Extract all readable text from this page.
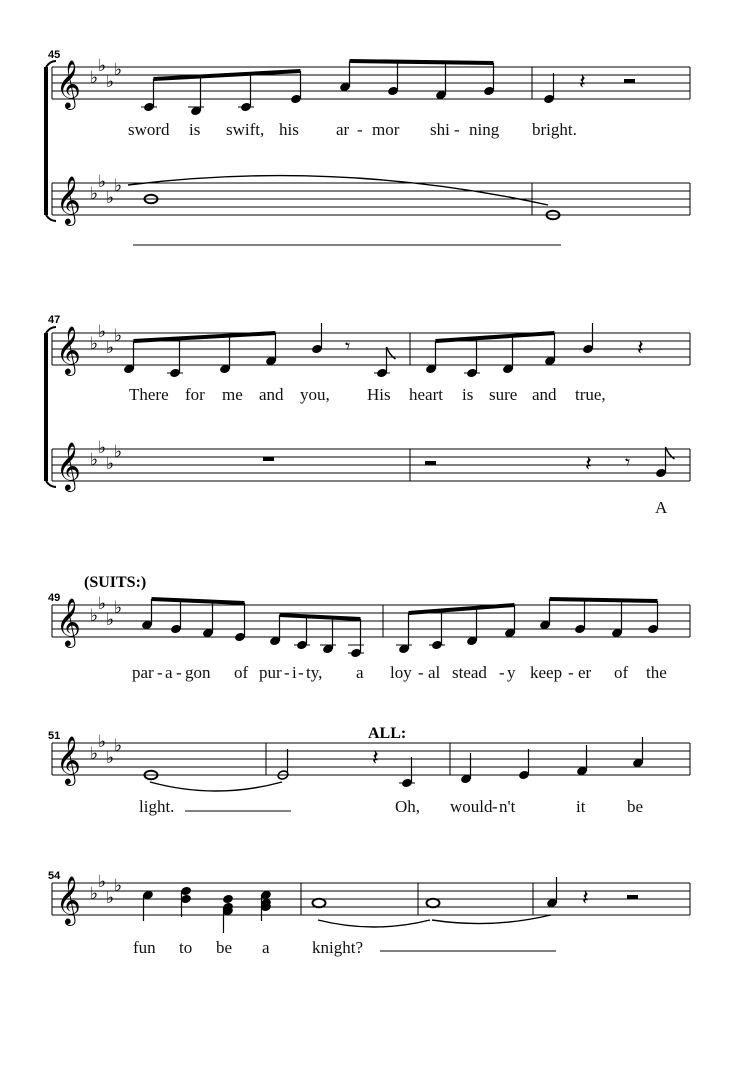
45
47
49
51
54
(SUITS:)
ALL:
sword is swift, his ar - mor shi - ning bright.
There for me and you, His heart is sure and true,
A
par - a - gon of pur - i - ty, a loy - al stead - y keep - er of the
light.	Oh, would - n't	it be
fun to be a knight?
𝄞 ♭
♭
♭
♭
𝄞 ♭
♭
♭
♭
𝄽
𝄞 ♭
♭
♭
♭
𝄞 ♭
♭
♭
♭
𝄾	𝄽
𝄽 𝄾
𝄞 ♭
♭
♭
♭
𝄞 ♭
♭
♭
♭	𝄽
𝄞 ♭
♭
♭
♭	𝄽
